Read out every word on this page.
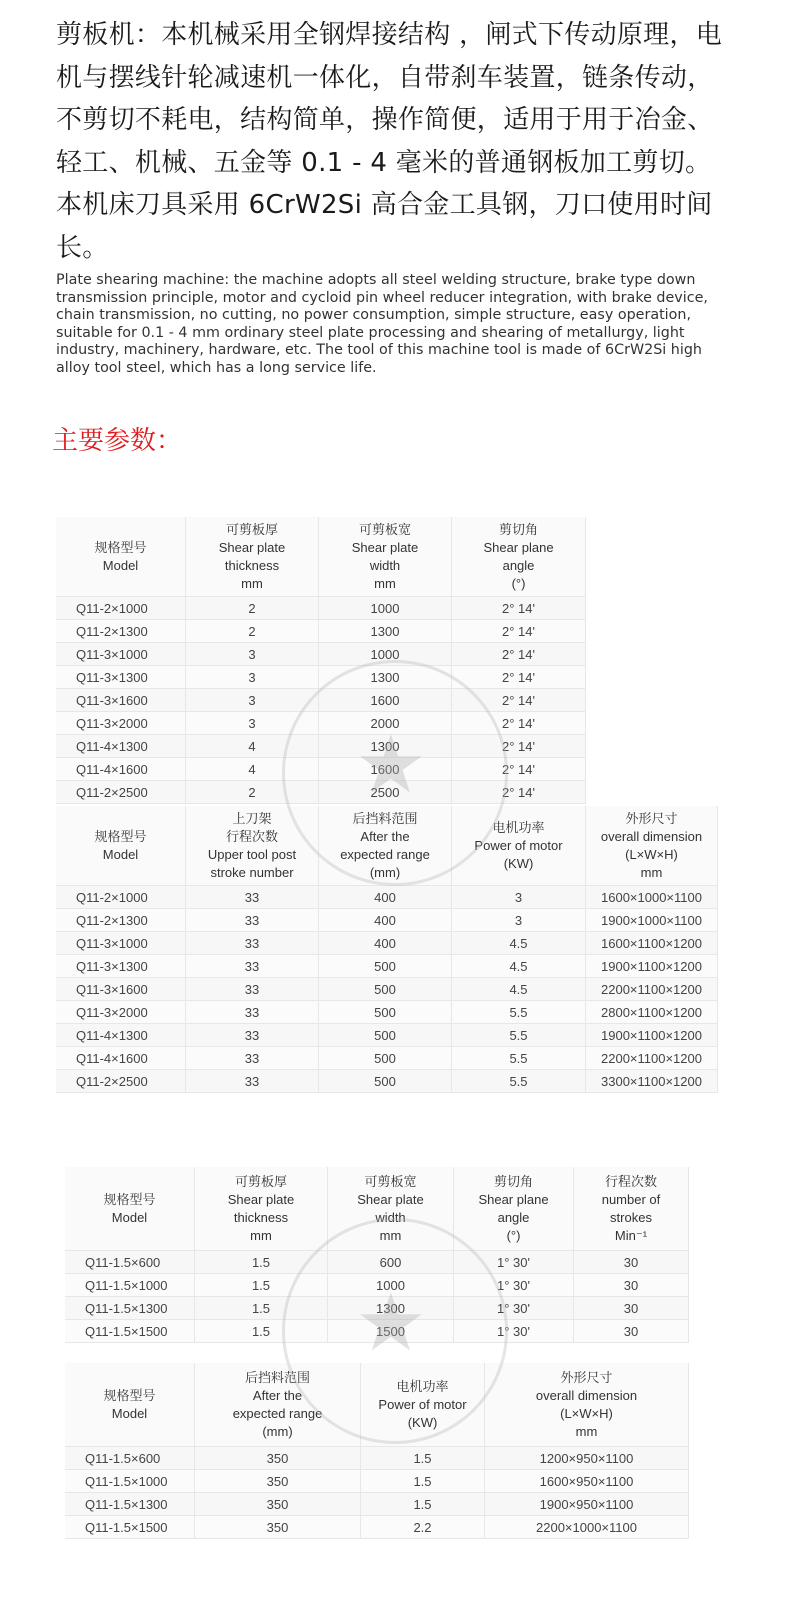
剪板机：本机械采用全钢焊接结构 ，闸式下传动原理，电机与摆线针轮减速机一体化，自带刹车装置，链条传动，不剪切不耗电，结构简单，操作简便，适用于用于冶金、轻工、机械、五金等 0.1 - 4 毫米的普通钢板加工剪切。本机床刀具采用 6CrW2Si 高合金工具钢，刀口使用时间长。
Plate shearing machine: the machine adopts all steel welding structure, brake type down transmission principle, motor and cycloid pin wheel reducer integration, with brake device, chain transmission, no cutting, no power consumption, simple structure, easy operation, suitable for 0.1 - 4 mm ordinary steel plate processing and shearing of metallurgy, light industry, machinery, hardware, etc. The tool of this machine tool is made of 6CrW2Si high alloy tool steel, which has a long service life.
主要参数：
规格型号
Model	可剪板厚
Shear plate
thickness
mm	可剪板宽
Shear plate
width
mm	剪切角
Shear plane
angle
(°)
Q11-2×1000	2	1000	2° 14'
Q11-2×1300	2	1300	2° 14'
Q11-3×1000	3	1000	2° 14'
Q11-3×1300	3	1300	2° 14'
Q11-3×1600	3	1600	2° 14'
Q11-3×2000	3	2000	2° 14'
Q11-4×1300	4	1300	2° 14'
Q11-4×1600	4	1600	2° 14'
Q11-2×2500	2	2500	2° 14'
规格型号
Model	上刀架
行程次数
Upper tool post
stroke number	后挡料范围
After the
expected range
(mm)	电机功率
Power of motor
(KW)	外形尺寸
overall dimension
(L×W×H)
mm
Q11-2×1000	33	400	3	1600×1000×1100
Q11-2×1300	33	400	3	1900×1000×1100
Q11-3×1000	33	400	4.5	1600×1100×1200
Q11-3×1300	33	500	4.5	1900×1100×1200
Q11-3×1600	33	500	4.5	2200×1100×1200
Q11-3×2000	33	500	5.5	2800×1100×1200
Q11-4×1300	33	500	5.5	1900×1100×1200
Q11-4×1600	33	500	5.5	2200×1100×1200
Q11-2×2500	33	500	5.5	3300×1100×1200
规格型号
Model	可剪板厚
Shear plate
thickness
mm	可剪板宽
Shear plate
width
mm	剪切角
Shear plane
angle
(°)	行程次数
number of
strokes
Min⁻¹
Q11-1.5×600	1.5	600	1° 30'	30
Q11-1.5×1000	1.5	1000	1° 30'	30
Q11-1.5×1300	1.5	1300	1° 30'	30
Q11-1.5×1500	1.5	1500	1° 30'	30
规格型号
Model	后挡料范围
After the
expected range
(mm)	电机功率
Power of motor
(KW)	外形尺寸
overall dimension
(L×W×H)
mm
Q11-1.5×600	350	1.5	1200×950×1100
Q11-1.5×1000	350	1.5	1600×950×1100
Q11-1.5×1300	350	1.5	1900×950×1100
Q11-1.5×1500	350	2.2	2200×1000×1100
★
★
